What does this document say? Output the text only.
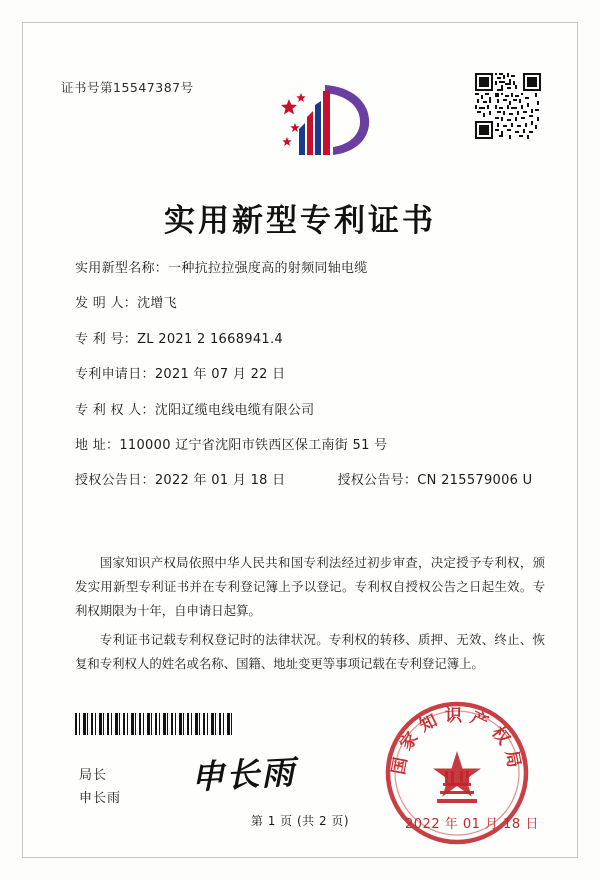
证书号第15547387号
实用新型专利证书
实用新型名称： 一种抗拉拉强度高的射频同轴电缆
发 明 人： 沈增飞
专 利 号： ZL 2021 2 1668941.4
专利申请日： 2021 年 07 月 22 日
专 利 权 人： 沈阳辽缆电线电缆有限公司
地 址： 110000 辽宁省沈阳市铁西区保工南街 51 号
授权公告日： 2022 年 01 月 18 日	授权公告号： CN 215579006 U

国家知识产权局依照中华人民共和国专利法经过初步审查，决定授予专利权，颁发实用新型专利证书并在专利登记簿上予以登记。专利权自授权公告之日起生效。专利权期限为十年，自申请日起算。

专利证书记载专利权登记时的法律状况。专利权的转移、质押、无效、终止、恢复和专利权人的姓名或名称、国籍、地址变更等事项记载在专利登记簿上。

局长
申长雨
申长雨	国家知识产权局
2022 年 01 月 18 日
第 1 页 (共 2 页)
